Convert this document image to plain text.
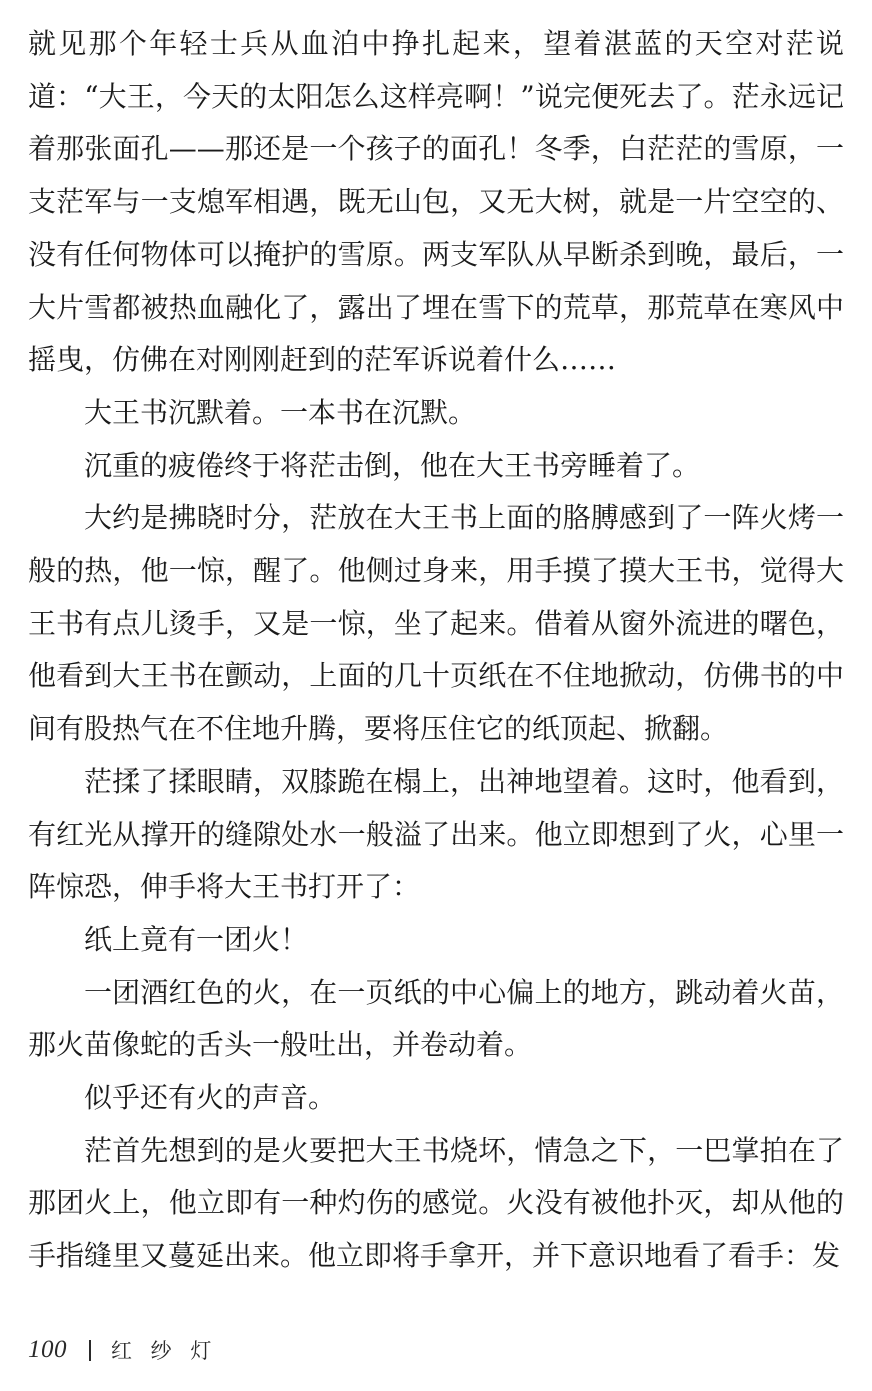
就见那个年轻士兵从血泊中挣扎起来，望着湛蓝的天空对茫说道：“大王，今天的太阳怎么这样亮啊！”说完便死去了。茫永远记着那张面孔——那还是一个孩子的面孔！冬季，白茫茫的雪原，一支茫军与一支熄军相遇，既无山包，又无大树，就是一片空空的、没有任何物体可以掩护的雪原。两支军队从早断杀到晚，最后，一大片雪都被热血融化了，露出了埋在雪下的荒草，那荒草在寒风中摇曳，仿佛在对刚刚赶到的茫军诉说着什么……

大王书沉默着。一本书在沉默。

沉重的疲倦终于将茫击倒，他在大王书旁睡着了。

大约是拂晓时分，茫放在大王书上面的胳膊感到了一阵火烤一般的热，他一惊，醒了。他侧过身来，用手摸了摸大王书，觉得大王书有点儿烫手，又是一惊，坐了起来。借着从窗外流进的曙色，他看到大王书在颤动，上面的几十页纸在不住地掀动，仿佛书的中间有股热气在不住地升腾，要将压住它的纸顶起、掀翻。

茫揉了揉眼睛，双膝跪在榻上，出神地望着。这时，他看到，有红光从撑开的缝隙处水一般溢了出来。他立即想到了火，心里一阵惊恐，伸手将大王书打开了：

纸上竟有一团火！

一团酒红色的火，在一页纸的中心偏上的地方，跳动着火苗，那火苗像蛇的舌头一般吐出，并卷动着。

似乎还有火的声音。

茫首先想到的是火要把大王书烧坏，情急之下，一巴掌拍在了那团火上，他立即有一种灼伤的感觉。火没有被他扑灭，却从他的手指缝里又蔓延出来。他立即将手拿开，并下意识地看了看手：发

100 红 纱 灯
